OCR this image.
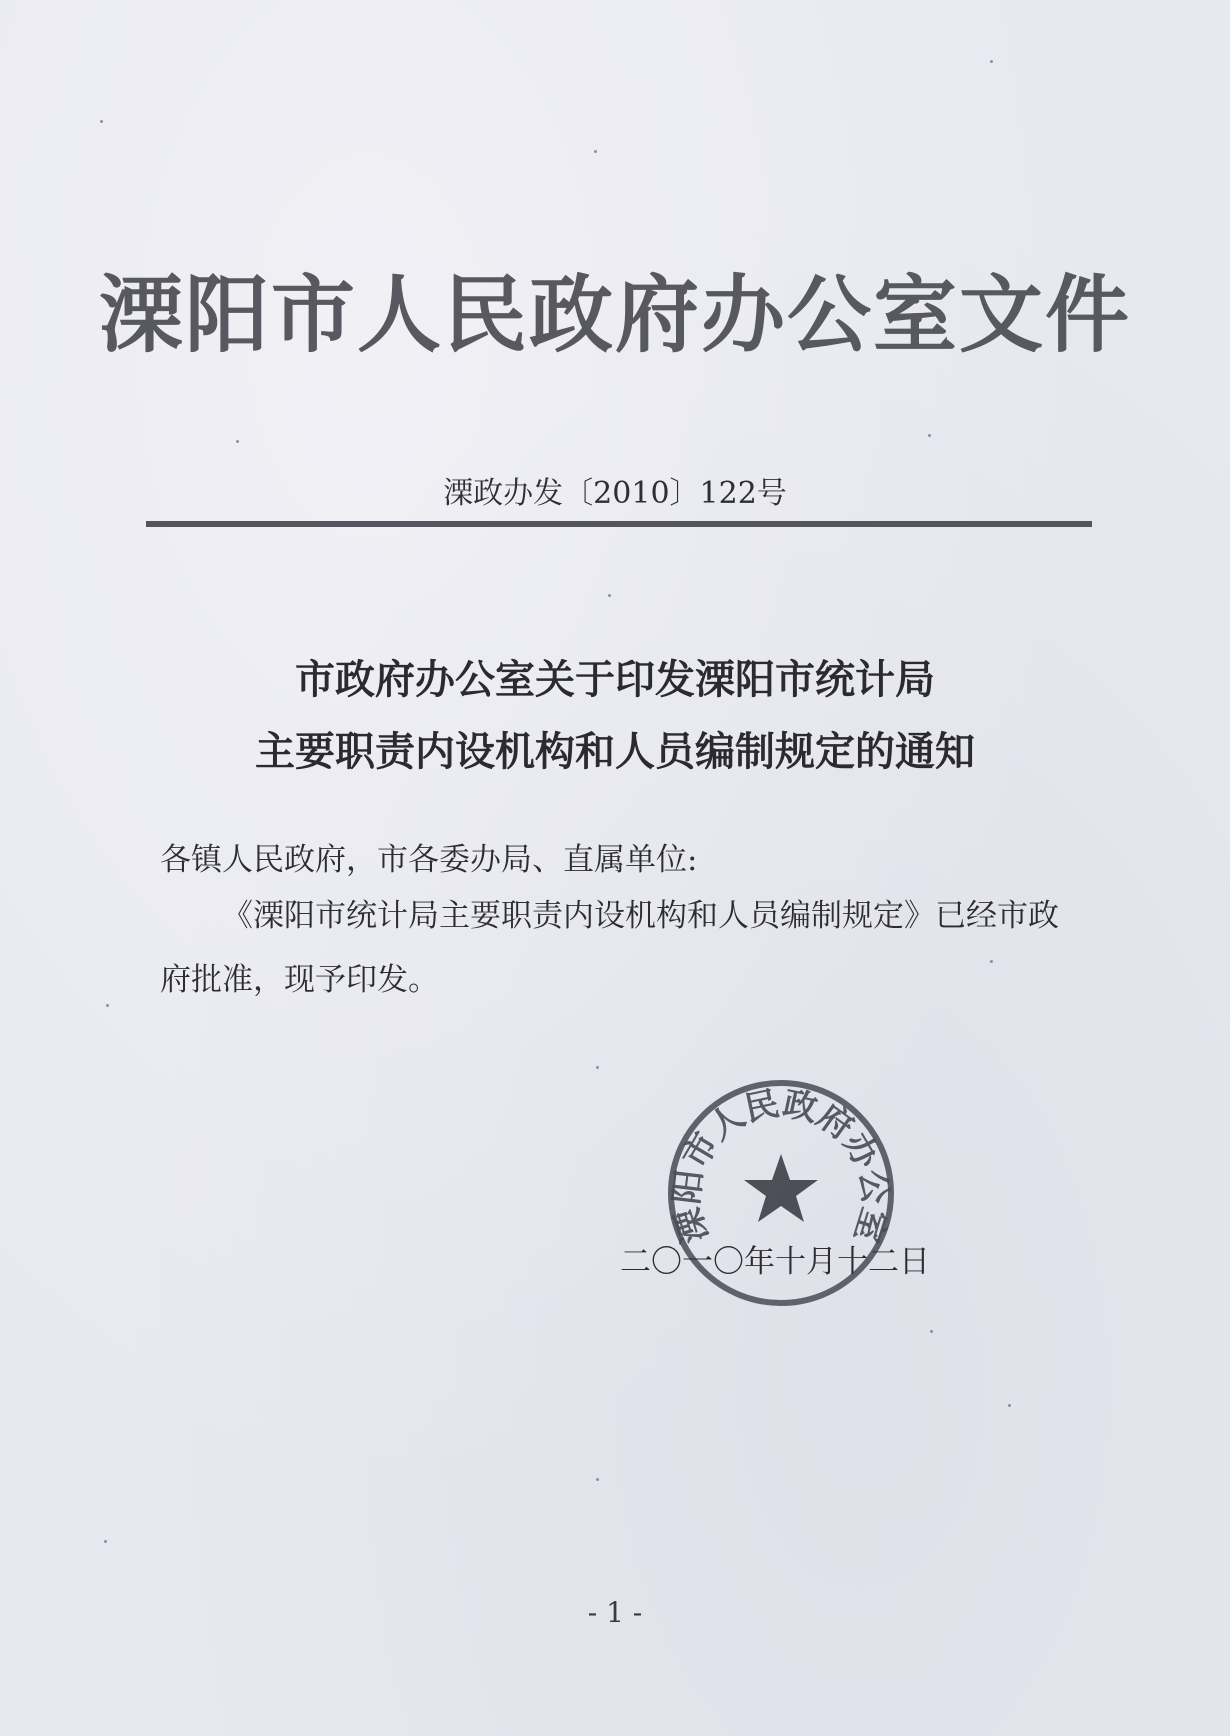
溧阳市人民政府办公室文件
溧政办发〔2010〕122号
市政府办公室关于印发溧阳市统计局
主要职责内设机构和人员编制规定的通知
各镇人民政府，市各委办局、直属单位:
《溧阳市统计局主要职责内设机构和人员编制规定》已经市政府批准，现予印发。
溧阳市人民政府办公室
二〇一〇年十月十二日
- 1 -
